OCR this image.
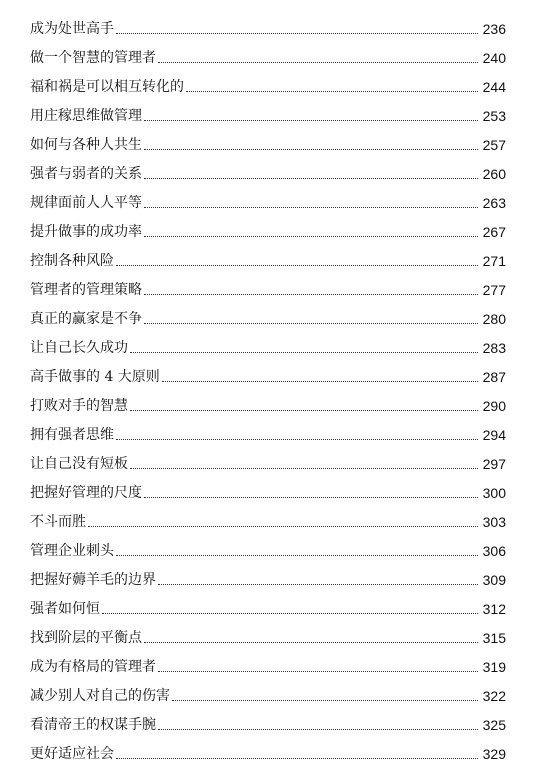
成为处世高手	236
做一个智慧的管理者	240
福和祸是可以相互转化的	244
用庄稼思维做管理	253
如何与各种人共生	257
强者与弱者的关系	260
规律面前人人平等	263
提升做事的成功率	267
控制各种风险	271
管理者的管理策略	277
真正的赢家是不争	280
让自己长久成功	283
高手做事的 4 大原则	287
打败对手的智慧	290
拥有强者思维	294
让自己没有短板	297
把握好管理的尺度	300
不斗而胜	303
管理企业刺头	306
把握好薅羊毛的边界	309
强者如何恒	312
找到阶层的平衡点	315
成为有格局的管理者	319
减少别人对自己的伤害	322
看清帝王的权谋手腕	325
更好适应社会	329
